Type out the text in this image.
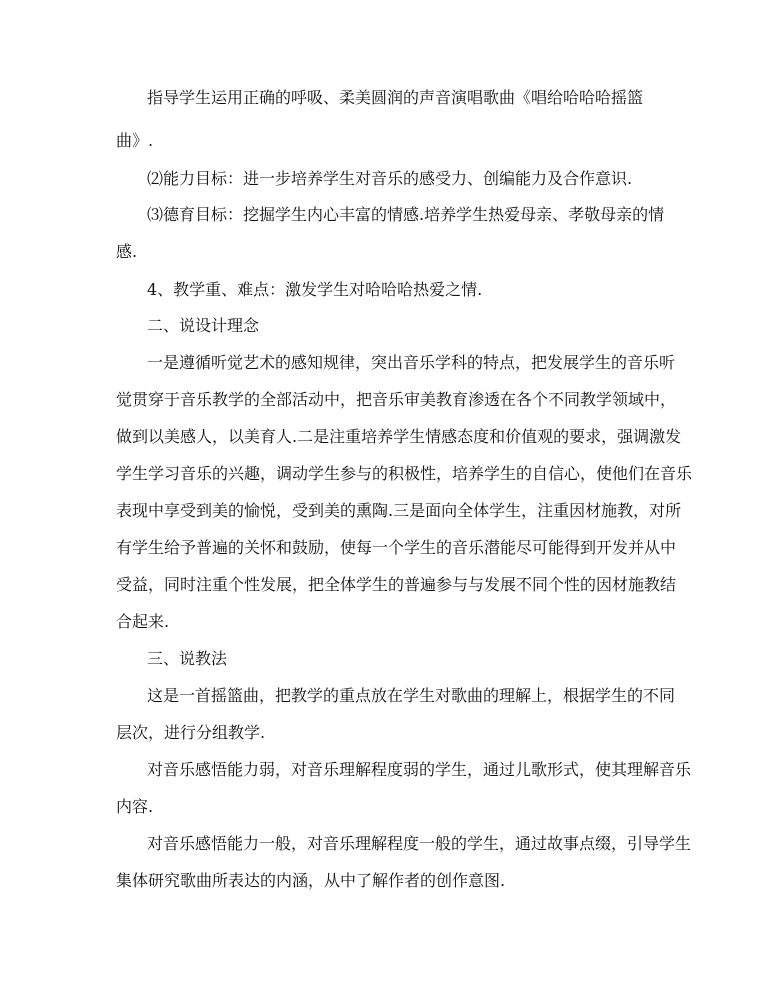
指导学生运用正确的呼吸、柔美圆润的声音演唱歌曲《唱给哈哈哈摇篮
曲》.
⑵能力目标：进一步培养学生对音乐的感受力、创编能力及合作意识.
⑶德育目标：挖掘学生内心丰富的情感.培养学生热爱母亲、孝敬母亲的情
感.
4、教学重、难点：激发学生对哈哈哈热爱之情.
二、说设计理念
一是遵循听觉艺术的感知规律，突出音乐学科的特点，把发展学生的音乐听
觉贯穿于音乐教学的全部活动中，把音乐审美教育渗透在各个不同教学领域中，
做到以美感人，以美育人.二是注重培养学生情感态度和价值观的要求，强调激发
学生学习音乐的兴趣，调动学生参与的积极性，培养学生的自信心，使他们在音乐
表现中享受到美的愉悦，受到美的熏陶.三是面向全体学生，注重因材施教，对所
有学生给予普遍的关怀和鼓励，使每一个学生的音乐潜能尽可能得到开发并从中
受益，同时注重个性发展，把全体学生的普遍参与与发展不同个性的因材施教结
合起来.
三、说教法
这是一首摇篮曲，把教学的重点放在学生对歌曲的理解上，根据学生的不同
层次，进行分组教学.
对音乐感悟能力弱，对音乐理解程度弱的学生，通过儿歌形式，使其理解音乐
内容.
对音乐感悟能力一般，对音乐理解程度一般的学生，通过故事点缀，引导学生
集体研究歌曲所表达的内涵，从中了解作者的创作意图.
